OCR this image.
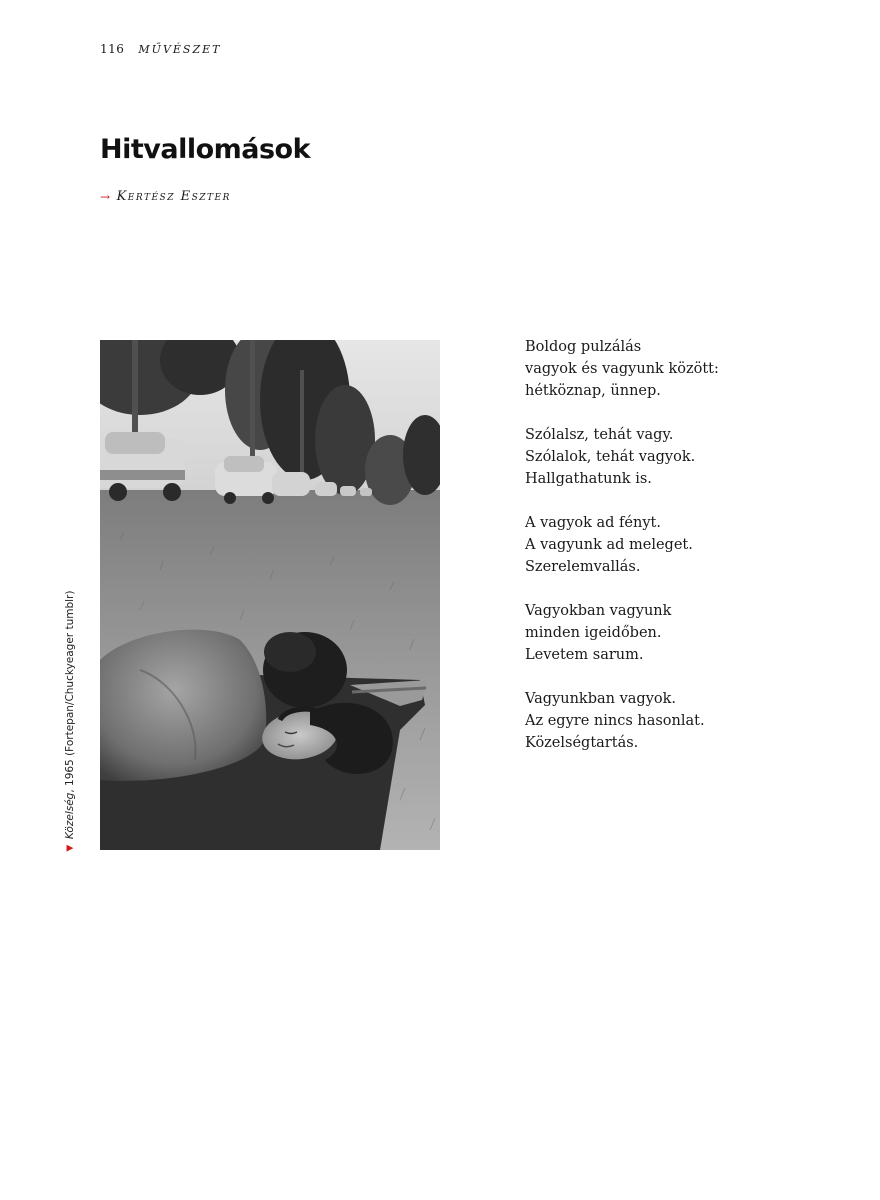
116 MŰVÉSZET
Hitvallomások
→ Kertész Eszter
▶
Közelség, 1965 (Fortepan/Chuckyeager tumblr)
Boldog pulzálás
vagyok és vagyunk között:
hétköznap, ünnep.
Szólalsz, tehát vagy.
Szólalok, tehát vagyok.
Hallgathatunk is.
A vagyok ad fényt.
A vagyunk ad meleget.
Szerelemvallás.
Vagyokban vagyunk
minden igeidőben.
Levetem sarum.
Vagyunkban vagyok.
Az egyre nincs hasonlat.
Közelségtartás.
